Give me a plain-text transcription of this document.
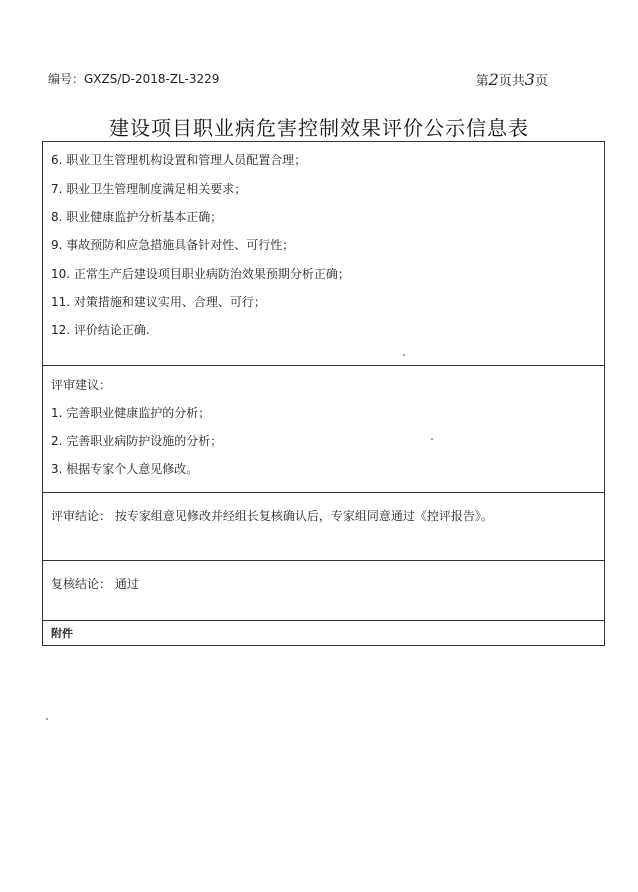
编号：GXZS/D-2018-ZL-3229	第2页共3页
建设项目职业病危害控制效果评价公示信息表
6. 职业卫生管理机构设置和管理人员配置合理；
7. 职业卫生管理制度满足相关要求；
8. 职业健康监护分析基本正确；
9. 事故预防和应急措施具备针对性、可行性；
10. 正常生产后建设项目职业病防治效果预期分析正确；
11. 对策措施和建议实用、合理、可行；
12. 评价结论正确.
评审建议：
1. 完善职业健康监护的分析；
2. 完善职业病防护设施的分析；
3. 根据专家个人意见修改。
评审结论： 按专家组意见修改并经组长复核确认后，专家组同意通过《控评报告》。
复核结论： 通过
附件
